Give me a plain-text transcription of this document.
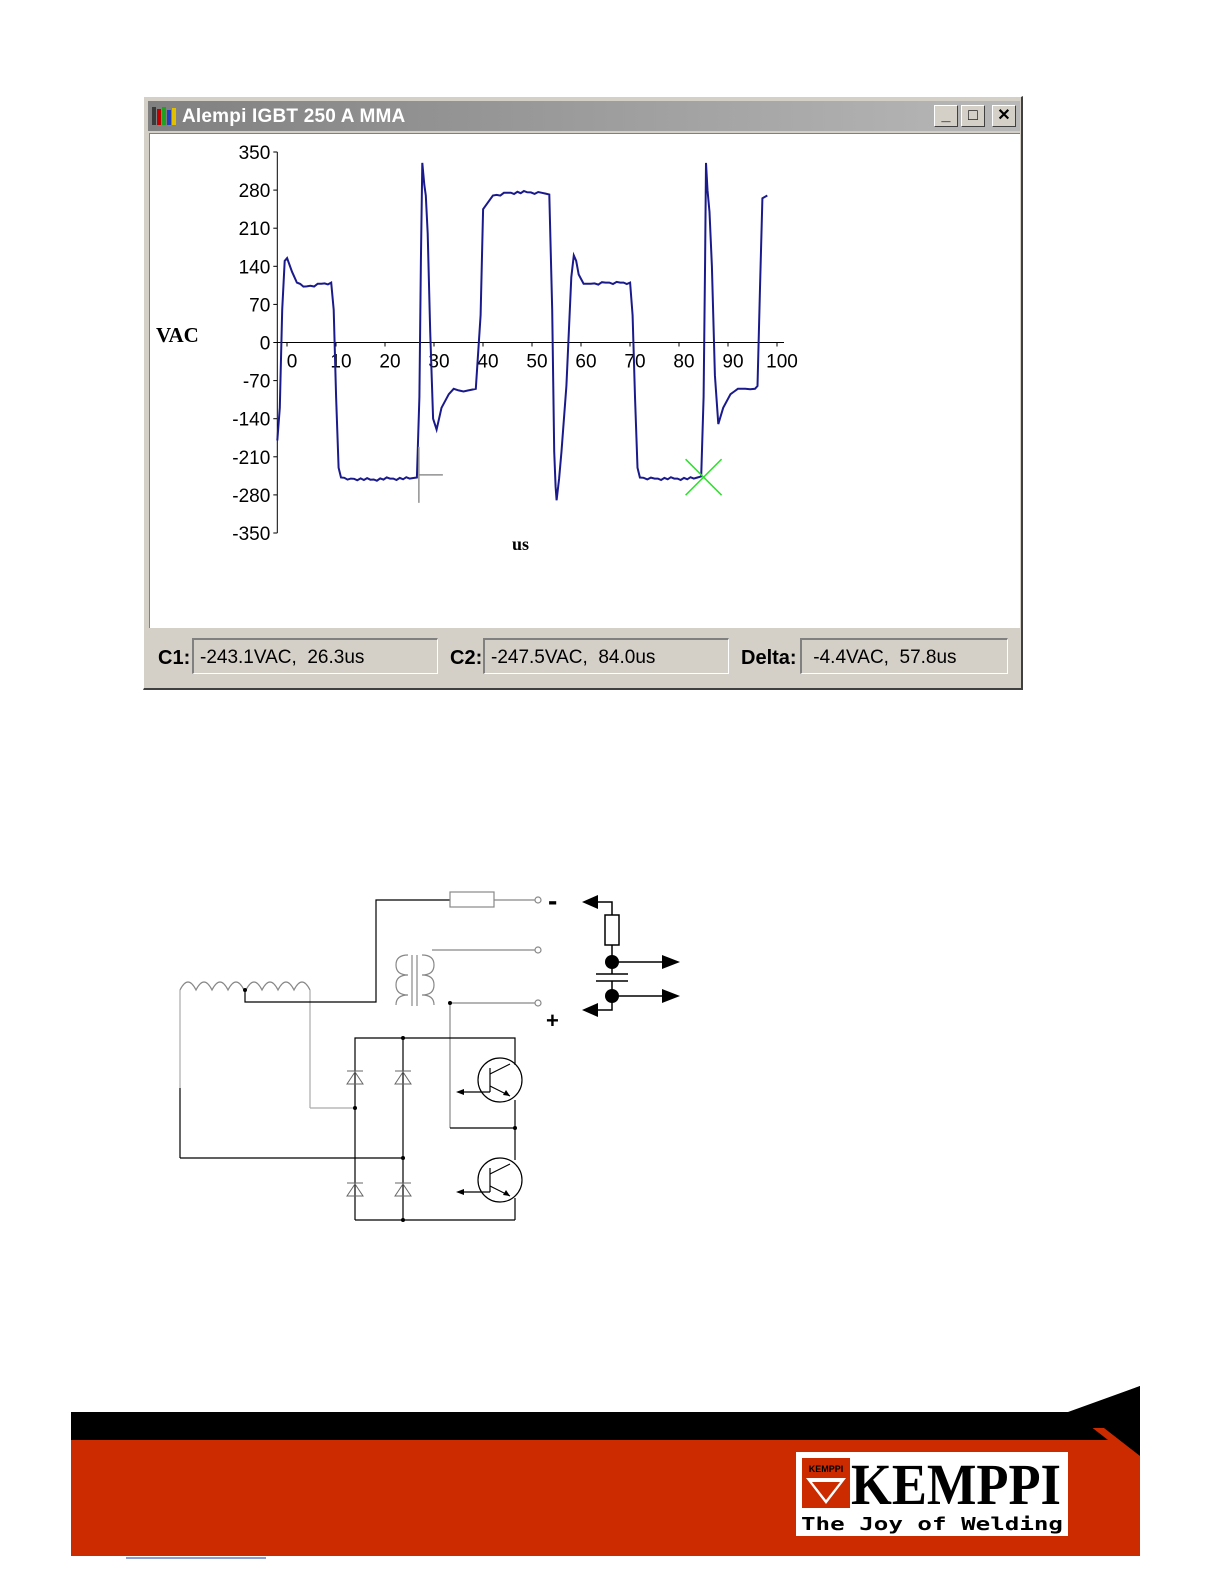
Alempi IGBT 250 A MMA	_	□	✕
350
280
210
140
70
0
-70
-140
-210
-280
-350
0 10 20 30 40 50 60 70 80 90 100
VAC
us
C1: -243.1VAC,  26.3us	C2: -247.5VAC,  84.0us	Delta: -4.4VAC,  57.8us
-
+
KEMPPI KEMPPI
The Joy of Welding
